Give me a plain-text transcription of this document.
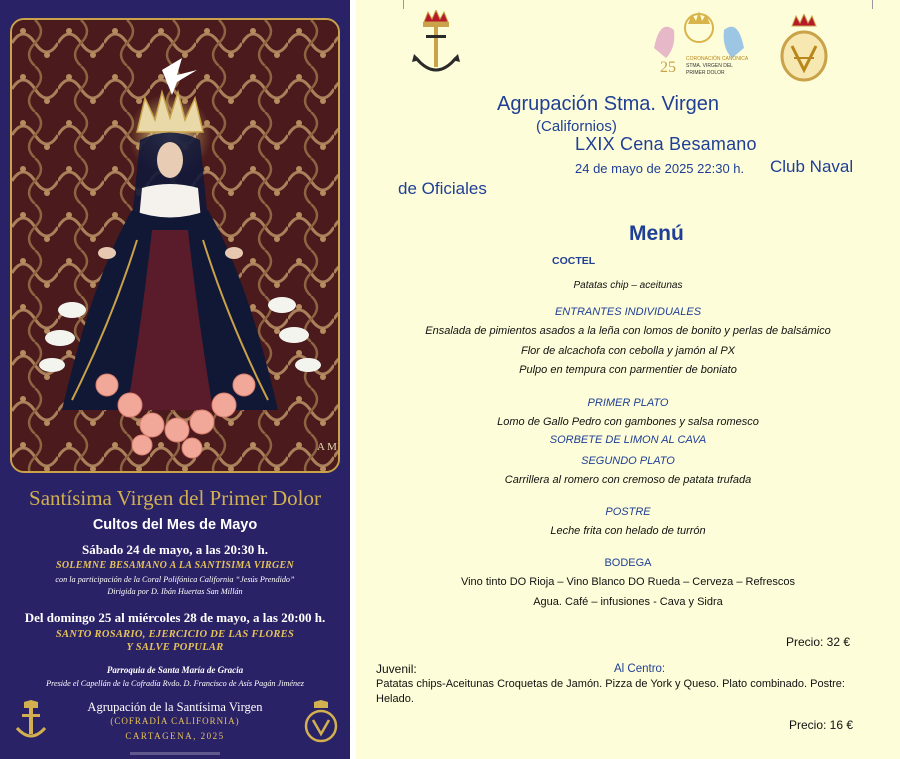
A M
Santísima Virgen del Primer Dolor
Cultos del Mes de Mayo
Sábado 24 de mayo, a las 20:30 h.
SOLEMNE BESAMANO A LA SANTÍSIMA VIRGEN
con la participación de la Coral Polifónica California “Jesús Prendido”
Dirigida por D. Ibán Huertas San Millán
Del domingo 25 al miércoles 28 de mayo, a las 20:00 h.
SANTO ROSARIO, EJERCICIO DE LAS FLORES
Y SALVE POPULAR
Parroquia de Santa María de Gracia
Preside el Capellán de la Cofradía Rvdo. D. Francisco de Asís Pagán Jiménez
Agrupación de la Santísima Virgen
(COFRADÍA CALIFORNIA)
CARTAGENA, 2025
25 CORONACIÓN CANÓNICA
STMA. VIRGEN DEL
PRIMER DOLOR
Agrupación Stma. Virgen
(Californios)
LXIX Cena Besamano
24 de mayo de 2025 22:30 h. Club Naval
de Oficiales
Menú
COCTEL
Patatas chip – aceitunas
ENTRANTES INDIVIDUALES
Ensalada de pimientos asados a la leña con lomos de bonito y perlas de balsámico
Flor de alcachofa con cebolla y jamón al PX
Pulpo en tempura con parmentier de boniato
PRIMER PLATO
Lomo de Gallo Pedro con gambones y salsa romesco
SORBETE DE LIMON AL CAVA
SEGUNDO PLATO
Carrillera al romero con cremoso de patata trufada
POSTRE
Leche frita con helado de turrón
BODEGA
Vino tinto DO Rioja – Vino Blanco DO Rueda – Cerveza – Refrescos
Agua. Café – infusiones - Cava y Sidra
Precio: 32 €
Juvenil:	Al Centro:
Patatas chips-Aceitunas Croquetas de Jamón. Pizza de York y Queso. Plato combinado. Postre: Helado.
Precio: 16 €
